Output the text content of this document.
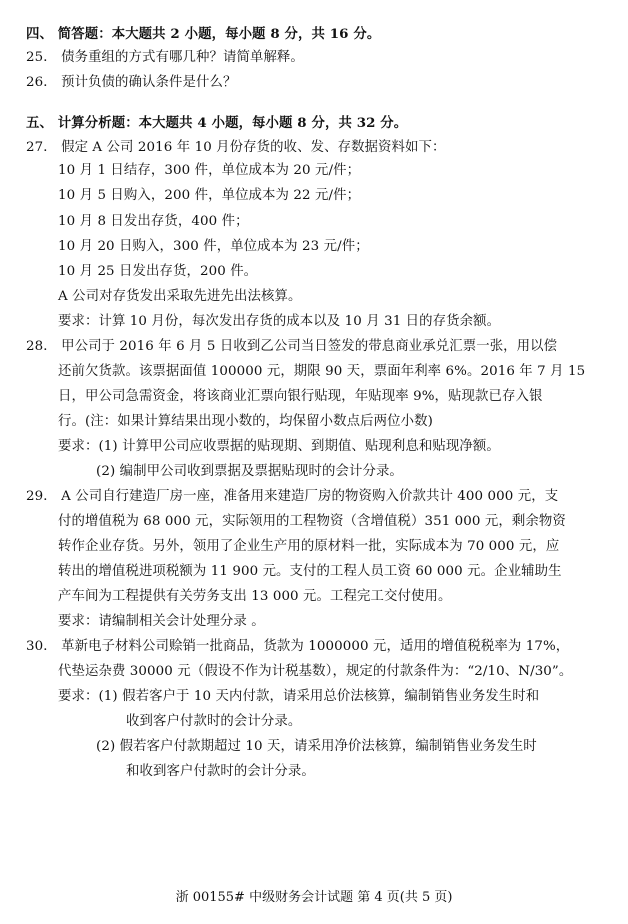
四、 简答题：本大题共 2 小题，每小题 8 分，共 16 分。
25． 债务重组的方式有哪几种？请简单解释。
26． 预计负债的确认条件是什么？
五、 计算分析题：本大题共 4 小题，每小题 8 分，共 32 分。
27． 假定 A 公司 2016 年 10 月份存货的收、发、存数据资料如下：
10 月 1 日结存，300 件，单位成本为 20 元/件；
10 月 5 日购入，200 件，单位成本为 22 元/件；
10 月 8 日发出存货，400 件；
10 月 20 日购入，300 件，单位成本为 23 元/件；
10 月 25 日发出存货，200 件。
A 公司对存货发出采取先进先出法核算。
要求：计算 10 月份，每次发出存货的成本以及 10 月 31 日的存货余额。
28． 甲公司于 2016 年 6 月 5 日收到乙公司当日签发的带息商业承兑汇票一张，用以偿
还前欠货款。该票据面值 100000 元，期限 90 天，票面年利率 6%。2016 年 7 月 15
日，甲公司急需资金，将该商业汇票向银行贴现，年贴现率 9%，贴现款已存入银
行。(注：如果计算结果出现小数的，均保留小数点后两位小数)
要求：(1) 计算甲公司应收票据的贴现期、到期值、贴现利息和贴现净额。
(2) 编制甲公司收到票据及票据贴现时的会计分录。
29． A 公司自行建造厂房一座，准备用来建造厂房的物资购入价款共计 400 000 元，支
付的增值税为 68 000 元，实际领用的工程物资（含增值税）351 000 元，剩余物资
转作企业存货。另外，领用了企业生产用的原材料一批，实际成本为 70 000 元，应
转出的增值税进项税额为 11 900 元。支付的工程人员工资 60 000 元。企业辅助生
产车间为工程提供有关劳务支出 13 000 元。工程完工交付使用。
要求：请编制相关会计处理分录 。
30． 革新电子材料公司赊销一批商品，货款为 1000000 元，适用的增值税税率为 17%，
代垫运杂费 30000 元（假设不作为计税基数），规定的付款条件为：“2/10、N/30”。
要求：(1) 假若客户于 10 天内付款，请采用总价法核算，编制销售业务发生时和
收到客户付款时的会计分录。
(2) 假若客户付款期超过 10 天，请采用净价法核算，编制销售业务发生时
和收到客户付款时的会计分录。
浙 00155# 中级财务会计试题 第 4 页(共 5 页)
